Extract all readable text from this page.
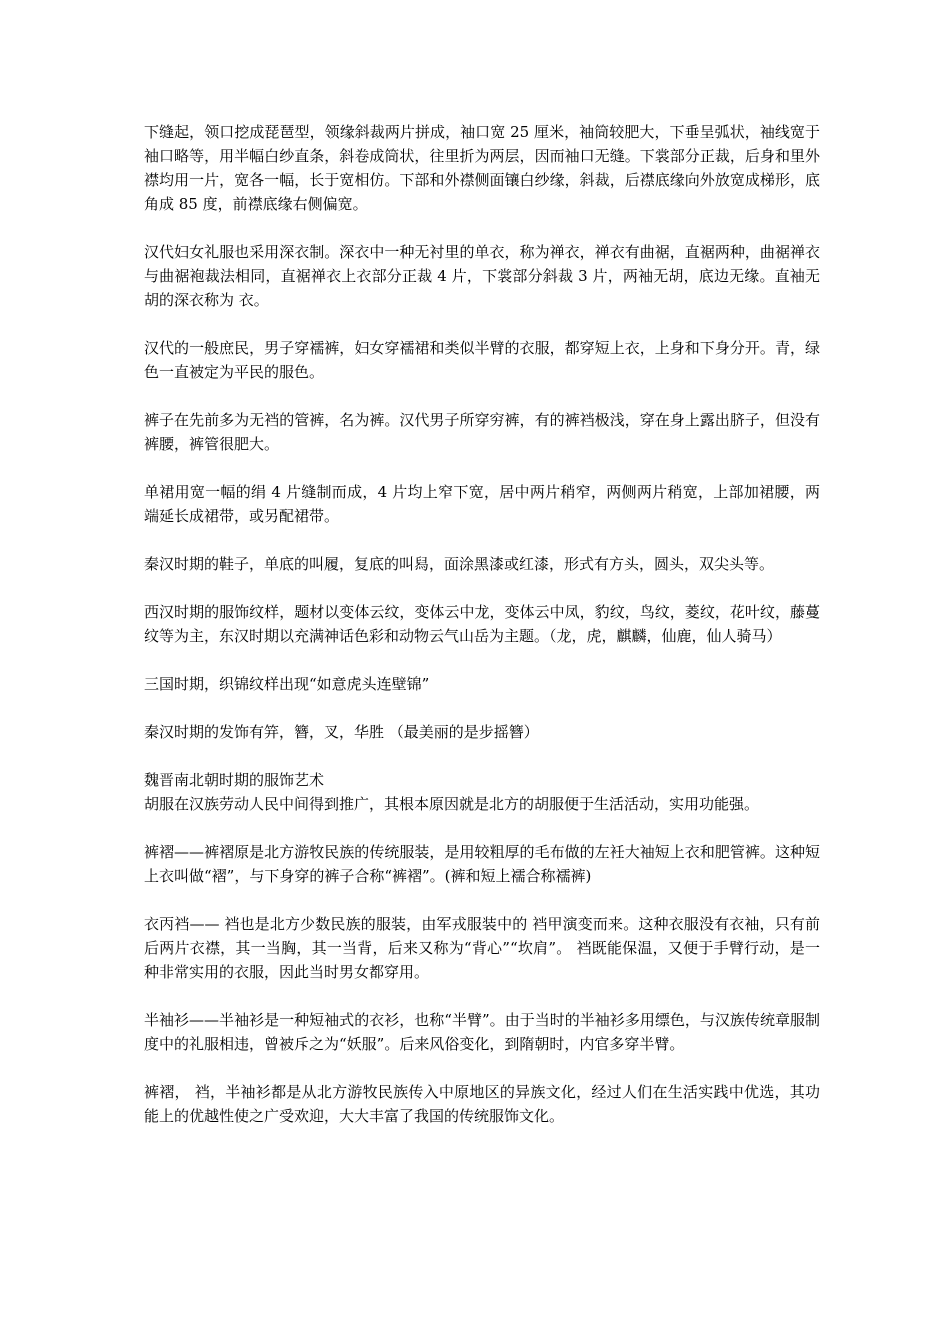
下缝起，领口挖成琵琶型，领缘斜裁两片拼成，袖口宽 25 厘米，袖筒较肥大，下垂呈弧状，袖线宽于袖口略等，用半幅白纱直条，斜卷成筒状，往里折为两层，因而袖口无缝。下裳部分正裁，后身和里外襟均用一片，宽各一幅，长于宽相仿。下部和外襟侧面镶白纱缘，斜裁，后襟底缘向外放宽成梯形，底角成 85 度，前襟底缘右侧偏宽。

汉代妇女礼服也采用深衣制。深衣中一种无衬里的单衣，称为禅衣，禅衣有曲裾，直裾两种，曲裾禅衣与曲裾袍裁法相同，直裾禅衣上衣部分正裁 4 片，下裳部分斜裁 3 片，两袖无胡，底边无缘。直袖无胡的深衣称为 衣。

汉代的一般庶民，男子穿襦裤，妇女穿襦裙和类似半臂的衣服，都穿短上衣，上身和下身分开。青，绿色一直被定为平民的服色。

裤子在先前多为无裆的管裤，名为裤。汉代男子所穿穷裤，有的裤裆极浅，穿在身上露出脐子，但没有裤腰，裤管很肥大。

单裙用宽一幅的绢 4 片缝制而成，4 片均上窄下宽，居中两片稍窄，两侧两片稍宽，上部加裙腰，两端延长成裙带，或另配裙带。

秦汉时期的鞋子，单底的叫履，复底的叫舄，面涂黑漆或红漆，形式有方头，圆头，双尖头等。

西汉时期的服饰纹样，题材以变体云纹，变体云中龙，变体云中凤，豹纹，鸟纹，菱纹，花叶纹，藤蔓纹等为主，东汉时期以充满神话色彩和动物云气山岳为主题。（龙，虎，麒麟，仙鹿，仙人骑马）

三国时期，织锦纹样出现“如意虎头连壁锦”

秦汉时期的发饰有笄，簪，叉，华胜 （最美丽的是步摇簪）

魏晋南北朝时期的服饰艺术

胡服在汉族劳动人民中间得到推广，其根本原因就是北方的胡服便于生活活动，实用功能强。

裤褶——裤褶原是北方游牧民族的传统服装，是用较粗厚的毛布做的左衽大袖短上衣和肥管裤。这种短上衣叫做“褶”，与下身穿的裤子合称“裤褶”。(裤和短上襦合称襦裤)

衣丙裆—— 裆也是北方少数民族的服装，由军戎服装中的 裆甲演变而来。这种衣服没有衣袖，只有前后两片衣襟，其一当胸，其一当背，后来又称为“背心”“坎肩”。 裆既能保温，又便于手臂行动，是一种非常实用的衣服，因此当时男女都穿用。

半袖衫——半袖衫是一种短袖式的衣衫，也称“半臂”。由于当时的半袖衫多用缥色，与汉族传统章服制度中的礼服相违，曾被斥之为“妖服”。后来风俗变化，到隋朝时，内官多穿半臂。

裤褶， 裆，半袖衫都是从北方游牧民族传入中原地区的异族文化，经过人们在生活实践中优选，其功能上的优越性使之广受欢迎，大大丰富了我国的传统服饰文化。
